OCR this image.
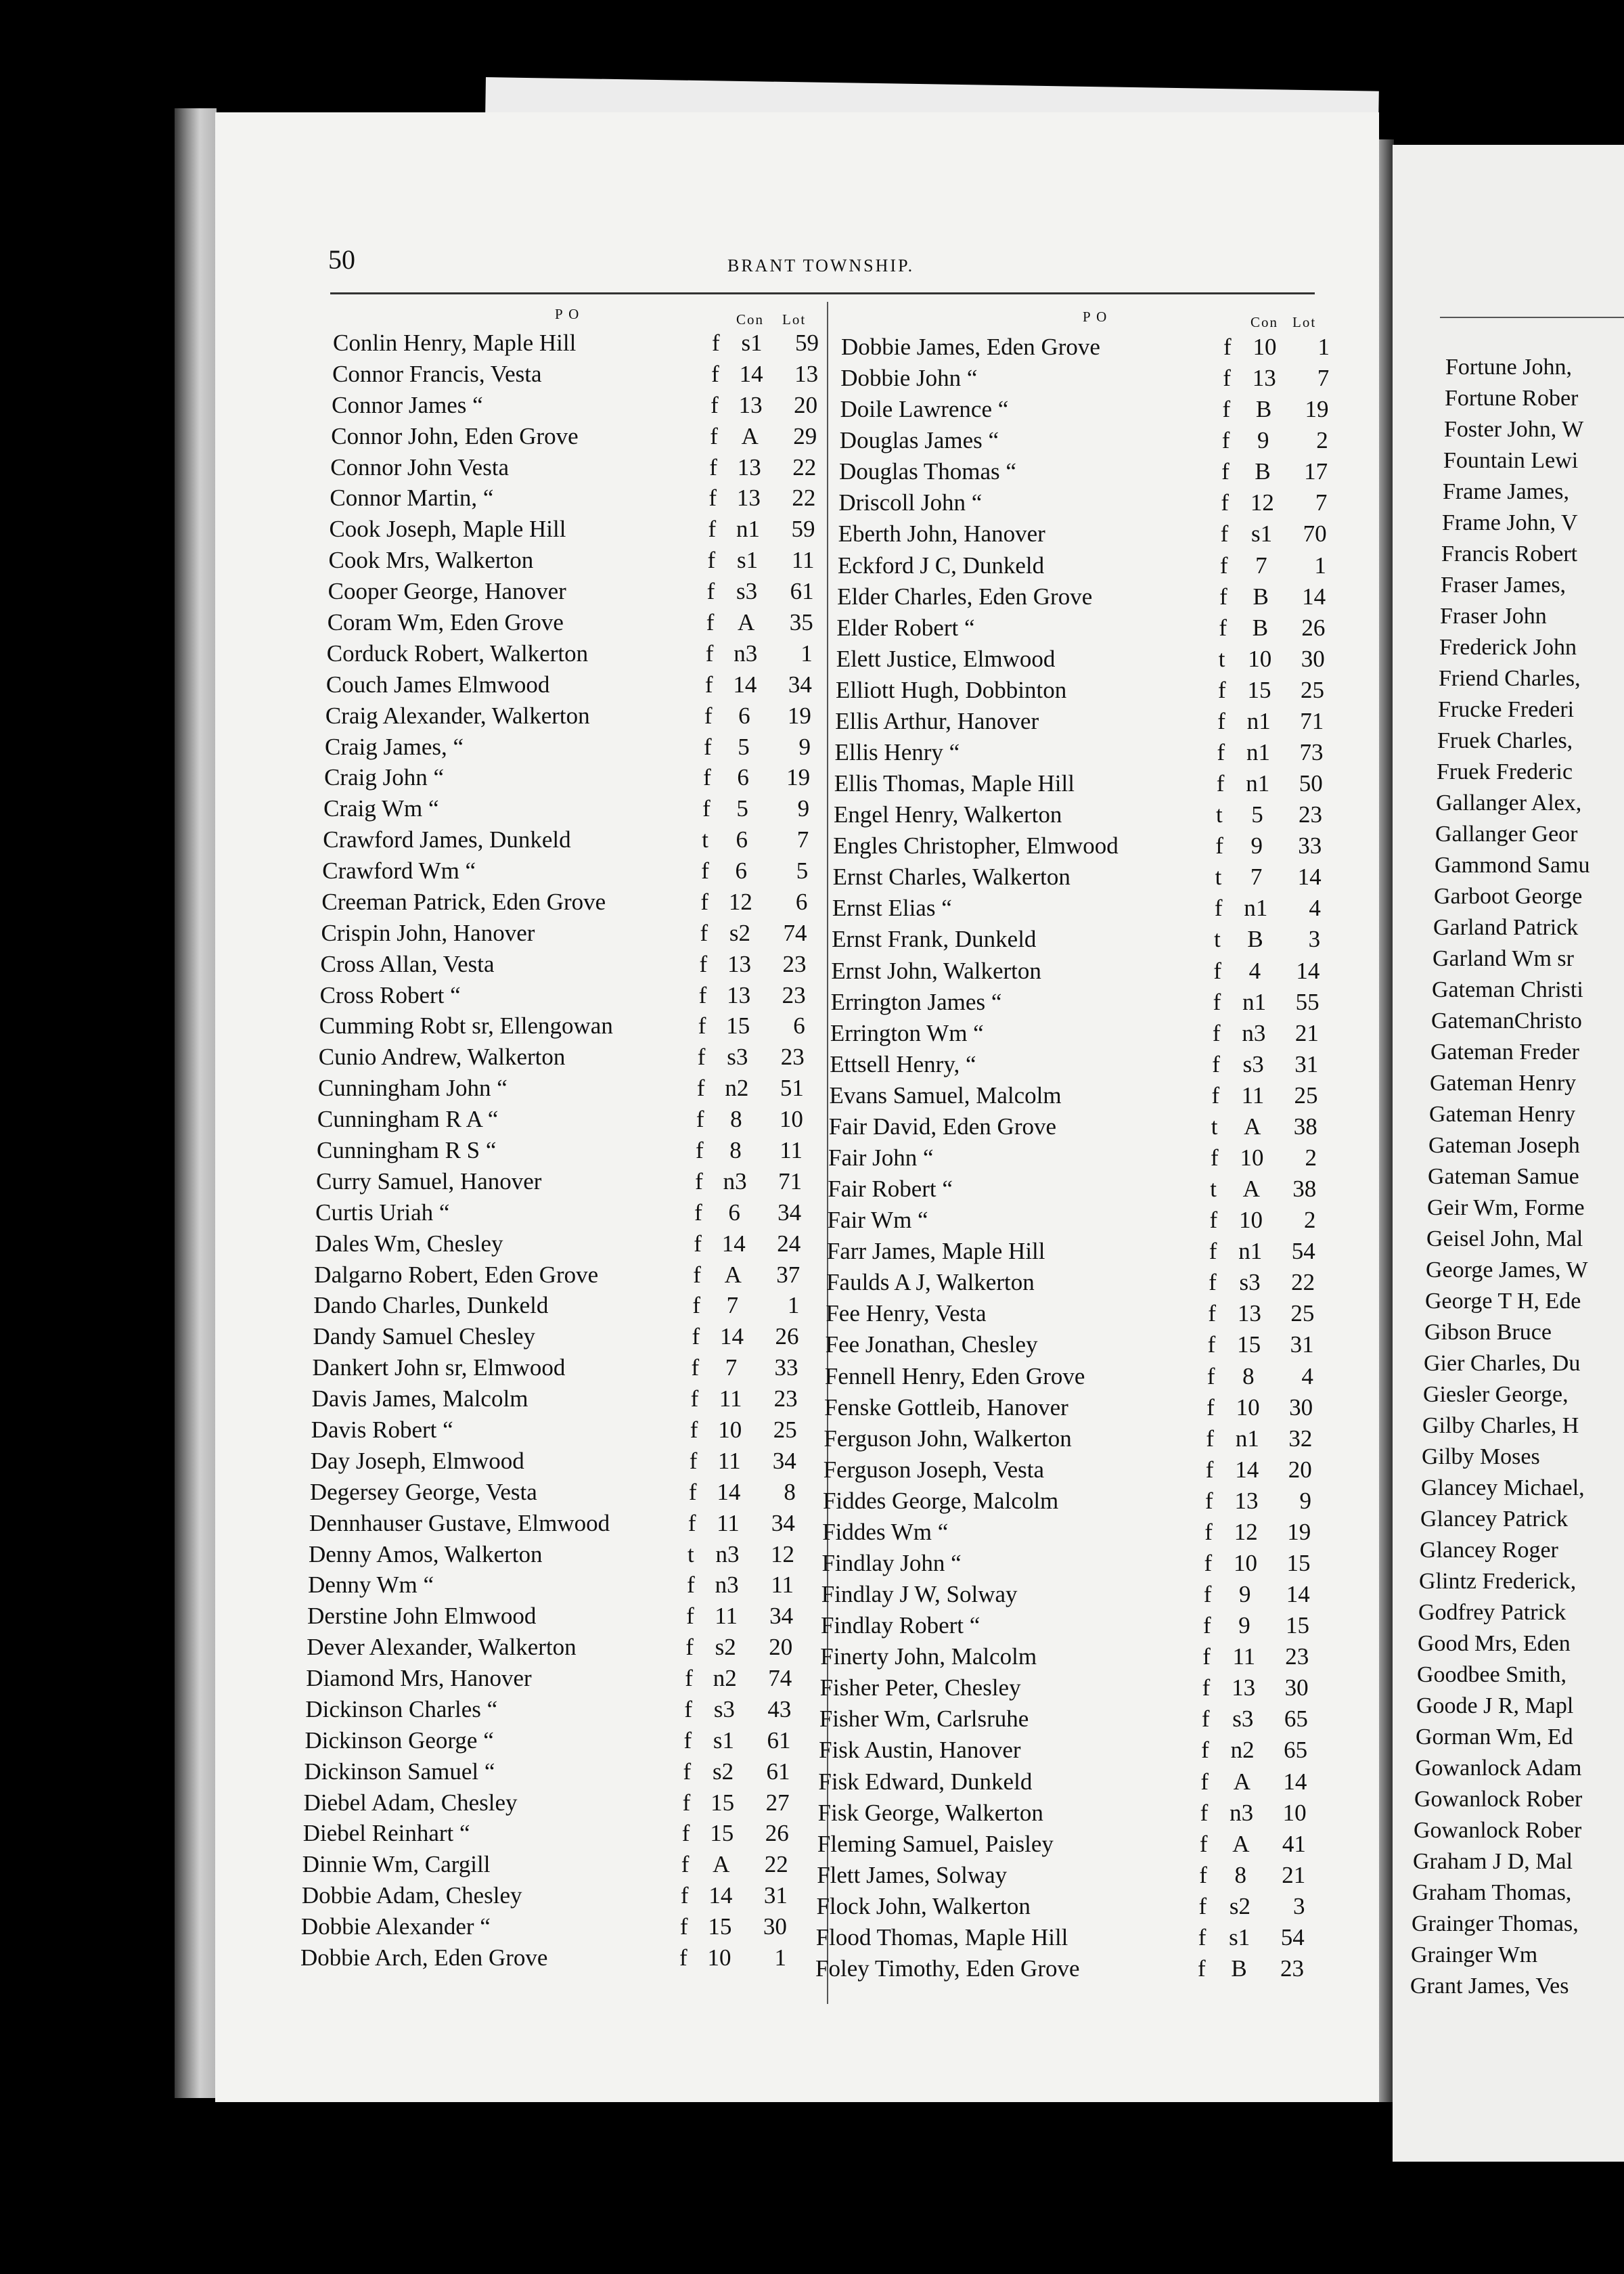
50	BRANT TOWNSHIP.
P O	Con Lot	P O	Con Lot
Conlin Henry, Maple Hill	f s1	59
Connor Francis, Vesta	f 14	13
Connor James “	f 13	20
Connor John, Eden Grove	f A	29
Connor John Vesta	f 13	22
Connor Martin, “	f 13	22
Cook Joseph, Maple Hill	f n1	59
Cook Mrs, Walkerton	f s1	11
Cooper George, Hanover	f s3	61
Coram Wm, Eden Grove	f A	35
Corduck Robert, Walkerton	f n3	1
Couch James Elmwood	f 14	34
Craig Alexander, Walkerton	f	6	19
Craig James, “	f	5	9
Craig John “	f	6	19
Craig Wm “	f	5	9
Crawford James, Dunkeld	t	6	7
Crawford Wm “	f	6	5
Creeman Patrick, Eden Grove	f 12	6
Crispin John, Hanover	f s2	74
Cross Allan, Vesta	f 13	23
Cross Robert “	f 13	23
Cumming Robt sr, Ellengowan	f 15	6
Cunio Andrew, Walkerton	f s3	23
Cunningham John “	f n2	51
Cunningham R A “	f	8	10
Cunningham R S “	f	8	11
Curry Samuel, Hanover	f n3	71
Curtis Uriah “	f	6	34
Dales Wm, Chesley	f 14	24
Dalgarno Robert, Eden Grove	f A	37
Dando Charles, Dunkeld	f	7	1
Dandy Samuel Chesley	f 14	26
Dankert John sr, Elmwood	f	7	33
Davis James, Malcolm	f 11	23
Davis Robert “	f 10	25
Day Joseph, Elmwood	f 11	34
Degersey George, Vesta	f 14	8
Dennhauser Gustave, Elmwood	f 11	34
Denny Amos, Walkerton	t n3	12
Denny Wm “	f n3	11
Derstine John Elmwood	f 11	34
Dever Alexander, Walkerton	f s2	20
Diamond Mrs, Hanover	f n2	74
Dickinson Charles “	f s3	43
Dickinson George “	f s1	61
Dickinson Samuel “	f s2	61
Diebel Adam, Chesley	f 15	27
Diebel Reinhart “	f 15	26
Dinnie Wm, Cargill	f A	22
Dobbie Adam, Chesley	f 14	31
Dobbie Alexander “	f 15	30
Dobbie Arch, Eden Grove	f 10	1
Dobbie James, Eden Grove	f 10	1
Dobbie John “	f 13	7
Doile Lawrence “	f	B	19
Douglas James “	f	9	2
Douglas Thomas “	f	B	17
Driscoll John “	f 12	7
Eberth John, Hanover	f s1	70
Eckford J C, Dunkeld	f	7	1
Elder Charles, Eden Grove	f	B	14
Elder Robert “	f	B	26
Elett Justice, Elmwood	t 10	30
Elliott Hugh, Dobbinton	f 15	25
Ellis Arthur, Hanover	f n1	71
Ellis Henry “	f n1	73
Ellis Thomas, Maple Hill	f n1	50
Engel Henry, Walkerton	t	5	23
Engles Christopher, Elmwood	f	9	33
Ernst Charles, Walkerton	t	7	14
Ernst Elias “	f n1	4
Ernst Frank, Dunkeld	t	B	3
Ernst John, Walkerton	f	4	14
Errington James “	f n1	55
Errington Wm “	f n3	21
Ettsell Henry, “	f s3	31
Evans Samuel, Malcolm	f 11	25
Fair David, Eden Grove	t	A	38
Fair John “	f 10	2
Fair Robert “	t	A	38
Fair Wm “	f 10	2
Farr James, Maple Hill	f n1	54
Faulds A J, Walkerton	f s3	22
Fee Henry, Vesta	f 13	25
Fee Jonathan, Chesley	f 15	31
Fennell Henry, Eden Grove	f	8	4
Fenske Gottleib, Hanover	f 10	30
Ferguson John, Walkerton	f n1	32
Ferguson Joseph, Vesta	f 14	20
Fiddes George, Malcolm	f 13	9
Fiddes Wm “	f 12	19
Findlay John “	f 10	15
Findlay J W, Solway	f	9	14
Findlay Robert “	f	9	15
Finerty John, Malcolm	f 11	23
Fisher Peter, Chesley	f 13	30
Fisher Wm, Carlsruhe	f s3	65
Fisk Austin, Hanover	f n2	65
Fisk Edward, Dunkeld	f	A	14
Fisk George, Walkerton	f n3	10
Fleming Samuel, Paisley	f	A	41
Flett James, Solway	f	8	21
Flock John, Walkerton	f s2	3
Flood Thomas, Maple Hill	f s1	54
Foley Timothy, Eden Grove	f	B	23
Fortune John,
Fortune Rober
Foster John, W
Fountain Lewi
Frame James,
Frame John, V
Francis Robert
Fraser James,
Fraser John
Frederick John
Friend Charles,
Frucke Frederi
Fruek Charles,
Fruek Frederic
Gallanger Alex,
Gallanger Geor
Gammond Samu
Garboot George
Garland Patrick
Garland Wm sr
Gateman Christi
GatemanChristo
Gateman Freder
Gateman Henry
Gateman Henry
Gateman Joseph
Gateman Samue
Geir Wm, Forme
Geisel John, Mal
George James, W
George T H, Ede
Gibson Bruce
Gier Charles, Du
Giesler George,
Gilby Charles, H
Gilby Moses
Glancey Michael,
Glancey Patrick
Glancey Roger
Glintz Frederick,
Godfrey Patrick
Good Mrs, Eden
Goodbee Smith,
Goode J R, Mapl
Gorman Wm, Ed
Gowanlock Adam
Gowanlock Rober
Gowanlock Rober
Graham J D, Mal
Graham Thomas,
Grainger Thomas,
Grainger Wm
Grant James, Ves
